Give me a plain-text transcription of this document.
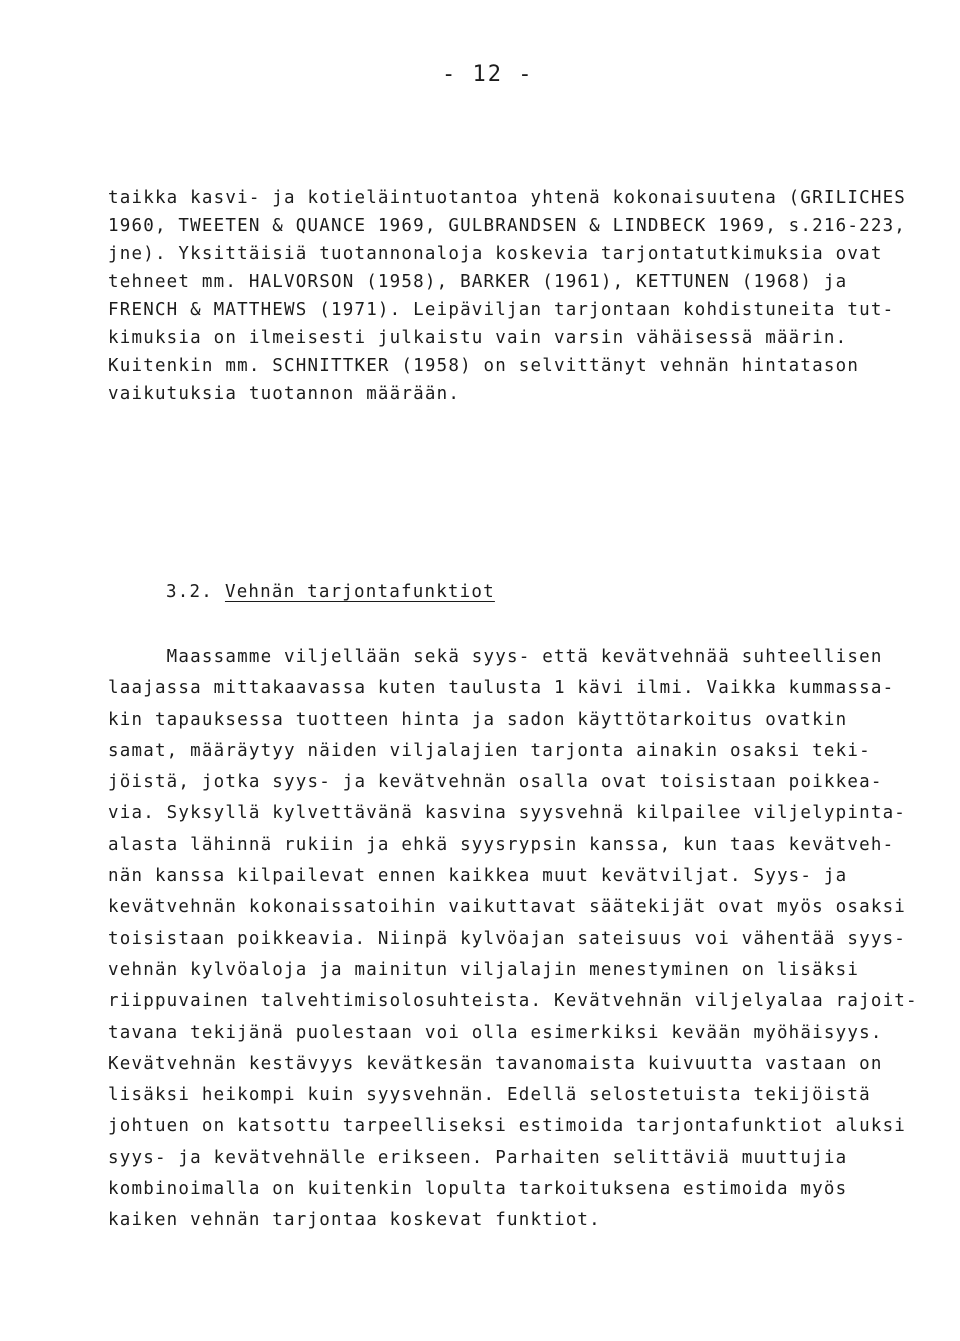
- 12 -
taikka kasvi- ja kotieläintuotantoa yhtenä kokonaisuutena (GRILICHES
1960, TWEETEN & QUANCE 1969, GULBRANDSEN & LINDBECK 1969, s.216-223,
jne). Yksittäisiä tuotannonaloja koskevia tarjontatutkimuksia ovat
tehneet mm. HALVORSON (1958), BARKER (1961), KETTUNEN (1968) ja
FRENCH & MATTHEWS (1971). Leipäviljan tarjontaan kohdistuneita tut-
kimuksia on ilmeisesti julkaistu vain varsin vähäisessä määrin.
Kuitenkin mm. SCHNITTKER (1958) on selvittänyt vehnän hintatason
vaikutuksia tuotannon määrään.
3.2. Vehnän tarjontafunktiot
Maassamme viljellään sekä syys- että kevätvehnää suhteellisen
laajassa mittakaavassa kuten taulusta 1 kävi ilmi. Vaikka kummassa-
kin tapauksessa tuotteen hinta ja sadon käyttötarkoitus ovatkin
samat, määräytyy näiden viljalajien tarjonta ainakin osaksi teki-
jöistä, jotka syys- ja kevätvehnän osalla ovat toisistaan poikkea-
via. Syksyllä kylvettävänä kasvina syysvehnä kilpailee viljelypinta-
alasta lähinnä rukiin ja ehkä syysrypsin kanssa, kun taas kevätveh-
nän kanssa kilpailevat ennen kaikkea muut kevätviljat. Syys- ja
kevätvehnän kokonaissatoihin vaikuttavat säätekijät ovat myös osaksi
toisistaan poikkeavia. Niinpä kylvöajan sateisuus voi vähentää syys-
vehnän kylvöaloja ja mainitun viljalajin menestyminen on lisäksi
riippuvainen talvehtimisolosuhteista. Kevätvehnän viljelyalaa rajoit-
tavana tekijänä puolestaan voi olla esimerkiksi kevään myöhäisyys.
Kevätvehnän kestävyys kevätkesän tavanomaista kuivuutta vastaan on
lisäksi heikompi kuin syysvehnän. Edellä selostetuista tekijöistä
johtuen on katsottu tarpeelliseksi estimoida tarjontafunktiot aluksi
syys- ja kevätvehnälle erikseen. Parhaiten selittäviä muuttujia
kombinoimalla on kuitenkin lopulta tarkoituksena estimoida myös
kaiken vehnän tarjontaa koskevat funktiot.
